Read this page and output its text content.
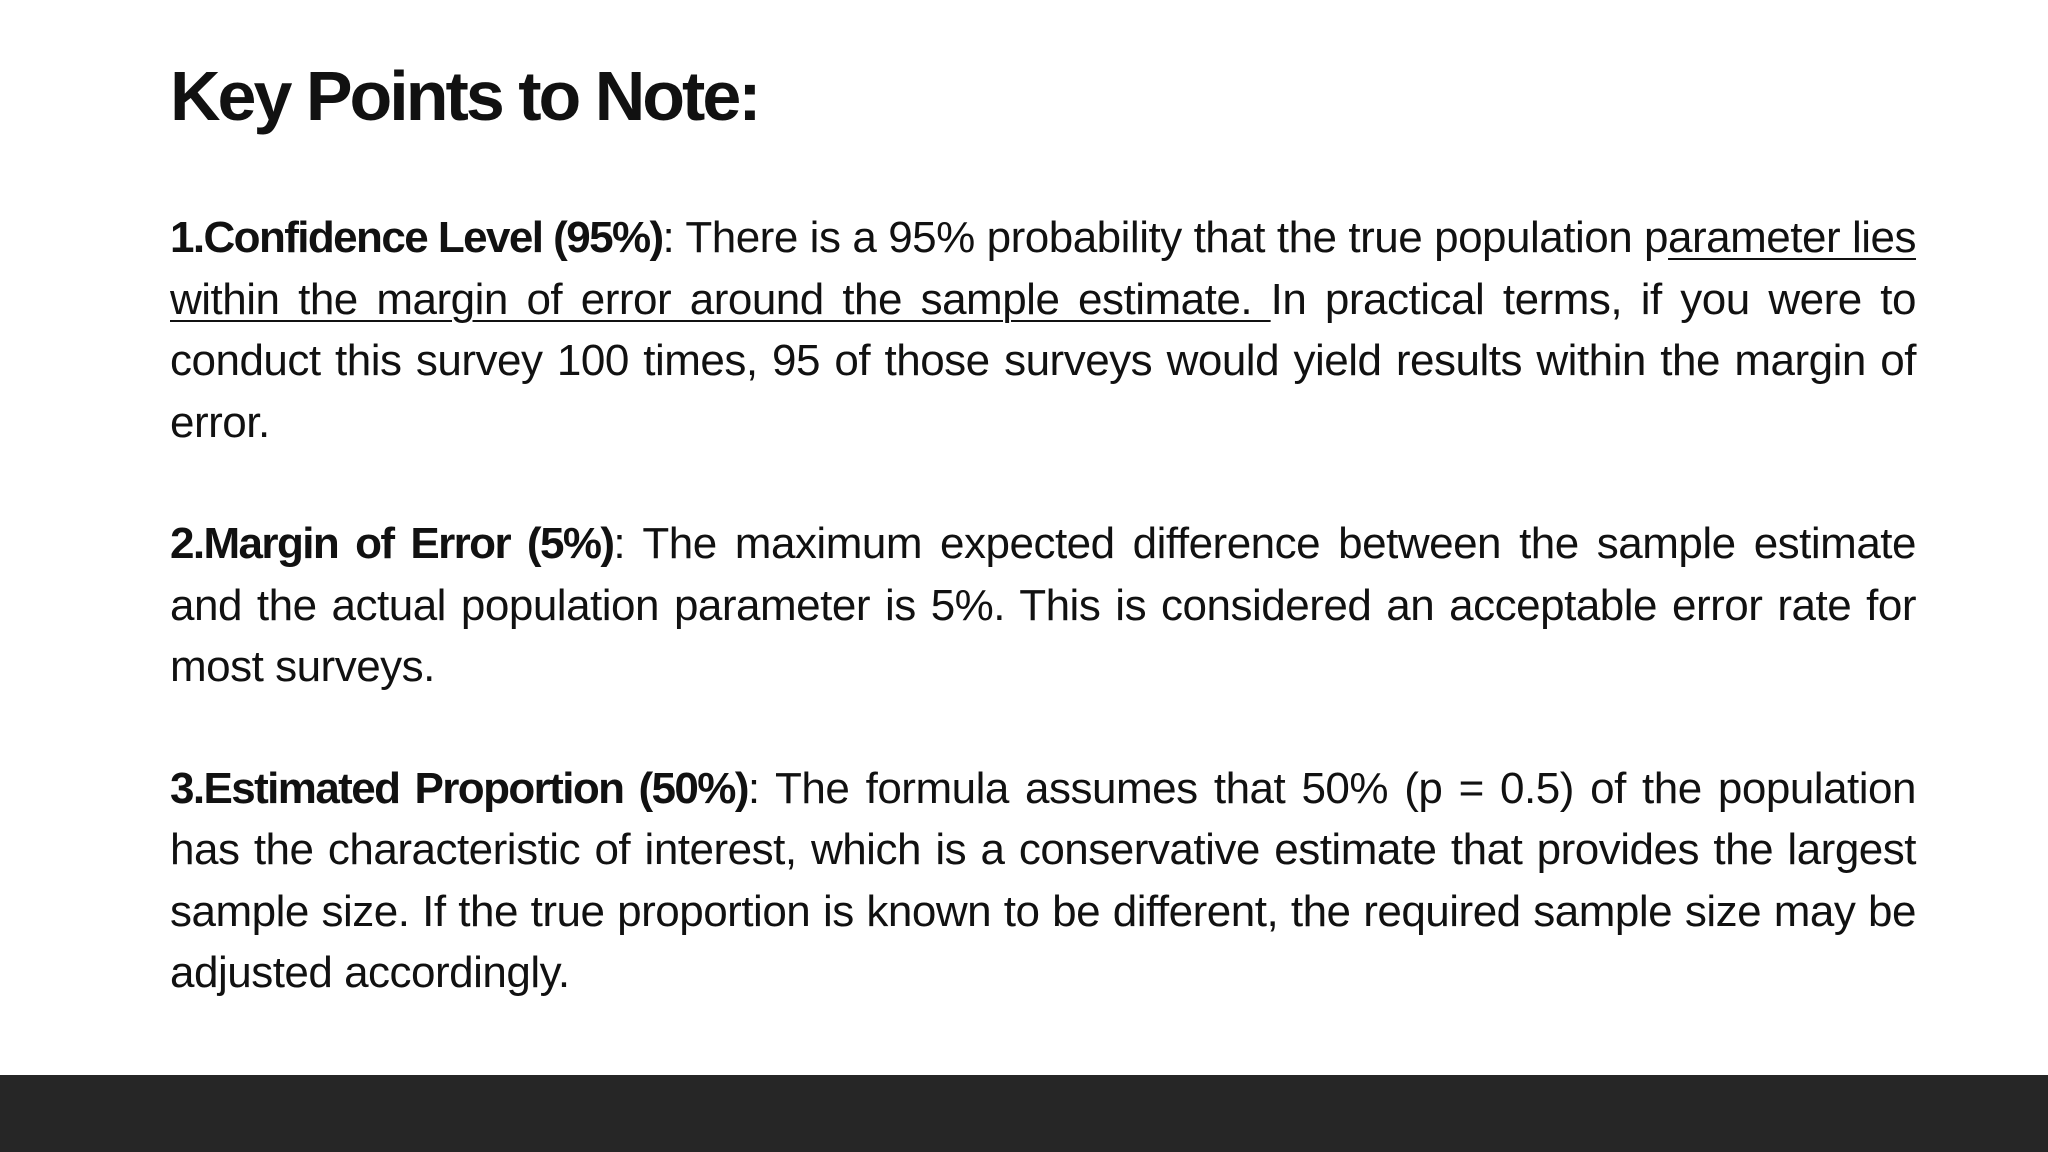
Key Points to Note:

1.Confidence Level (95%): There is a 95% probability that the true population parameter lies within the margin of error around the sample estimate. In practical terms, if you were to conduct this survey 100 times, 95 of those surveys would yield results within the margin of error.

2.Margin of Error (5%): The maximum expected difference between the sample estimate and the actual population parameter is 5%. This is considered an acceptable error rate for most surveys.

3.Estimated Proportion (50%): The formula assumes that 50% (p = 0.5) of the population has the characteristic of interest, which is a conservative estimate that provides the largest sample size. If the true proportion is known to be different, the required sample size may be adjusted accordingly.
